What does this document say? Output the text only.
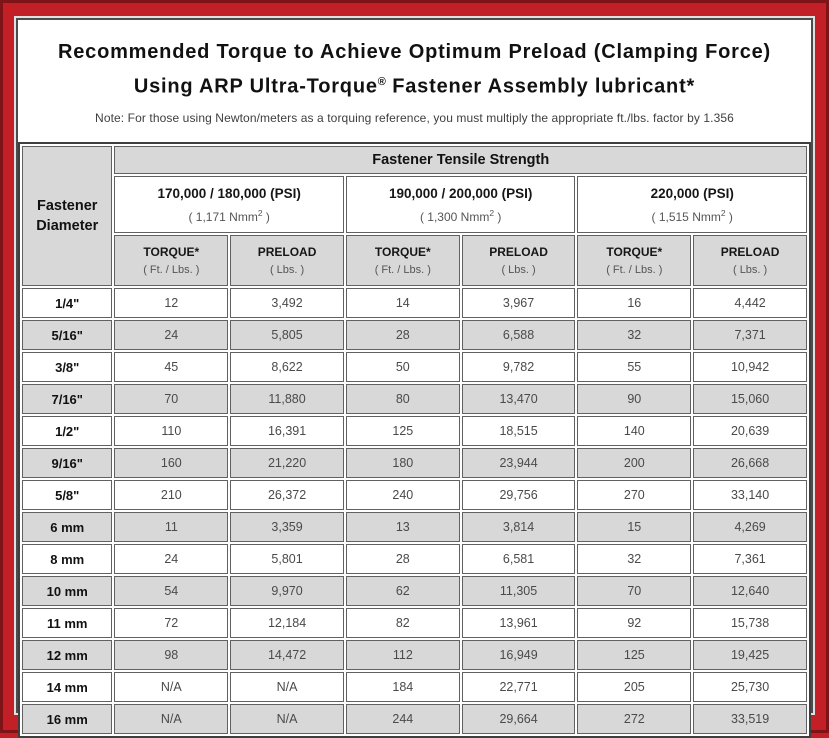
Recommended Torque to Achieve Optimum Preload (Clamping Force)
Using ARP Ultra-Torque® Fastener Assembly lubricant*
Note: For those using Newton/meters as a torquing reference, you must multiply the appropriate ft./lbs. factor by 1.356
Fastener Diameter	Fastener Tensile Strength					

170,000 / 180,000 (PSI)
( 1,171 Nmm$^2$ )

190,000 / 200,000 (PSI)
( 1,300 Nmm$^2$ )

220,000 (PSI)
( 1,515 Nmm$^2$ )

TORQUE*
( Ft. / Lbs. )

PRELOAD
( Lbs. )

TORQUE*
( Ft. / Lbs. )

PRELOAD
( Lbs. )

TORQUE*
( Ft. / Lbs. )

PRELOAD
( Lbs. )

1/4"	12	3,492	14	3,967	16	4,442
5/16"	24	5,805	28	6,588	32	7,371
3/8"	45	8,622	50	9,782	55	10,942
7/16"	70	11,880	80	13,470	90	15,060
1/2"	110	16,391	125	18,515	140	20,639
9/16"	160	21,220	180	23,944	200	26,668
5/8"	210	26,372	240	29,756	270	33,140
6 mm	11	3,359	13	3,814	15	4,269
8 mm	24	5,801	28	6,581	32	7,361
10 mm	54	9,970	62	11,305	70	12,640
11 mm	72	12,184	82	13,961	92	15,738
12 mm	98	14,472	112	16,949	125	19,425
14 mm	N/A	N/A	184	22,771	205	25,730
16 mm	N/A	N/A	244	29,664	272	33,519
